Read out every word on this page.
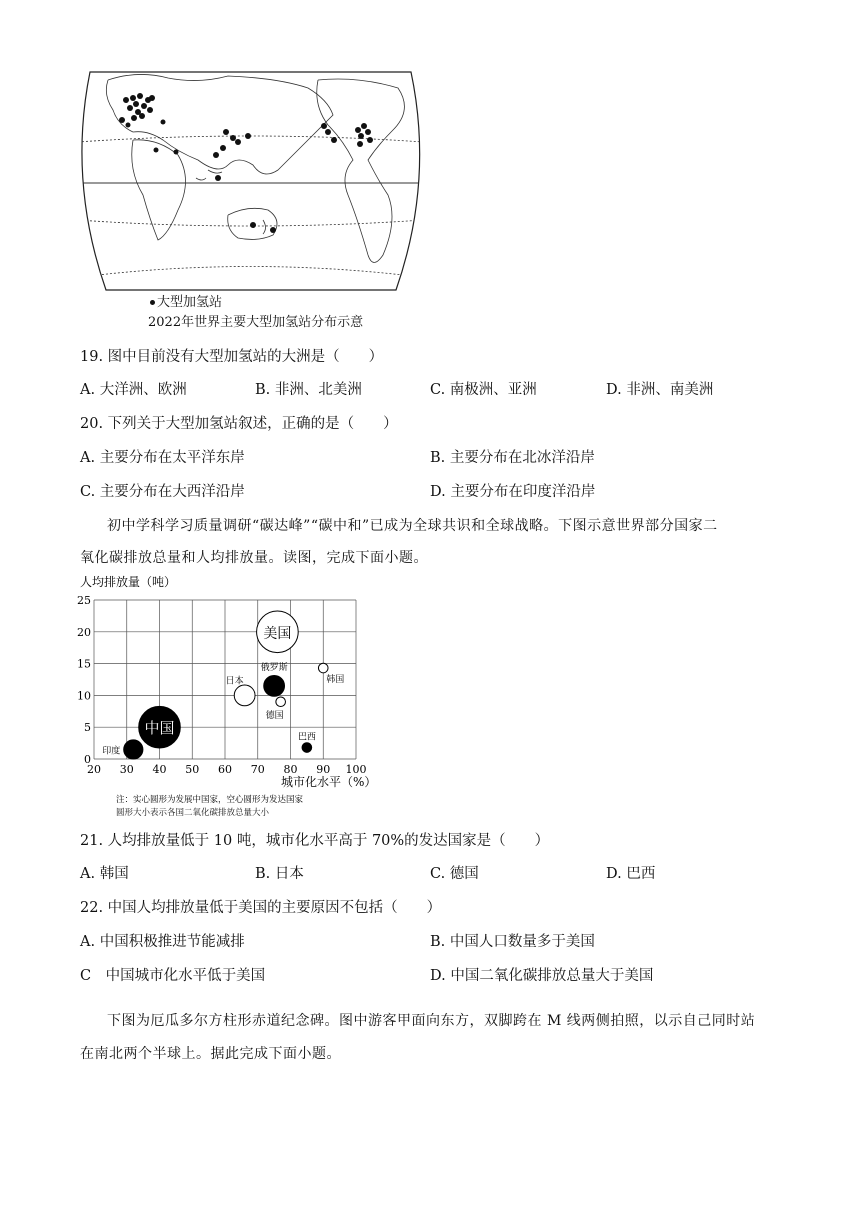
大型加氢站
2022年世界主要大型加氢站分布示意
19. 图中目前没有大型加氢站的大洲是（　　）
A. 大洋洲、欧洲	B. 非洲、北美洲	C. 南极洲、亚洲	D. 非洲、南美洲
20. 下列关于大型加氢站叙述，正确的是（　　）
A. 主要分布在太平洋东岸	B. 主要分布在北冰洋沿岸
C. 主要分布在大西洋沿岸	D. 主要分布在印度洋沿岸
初中学科学习质量调研“碳达峰”“碳中和”已成为全球共识和全球战略。下图示意世界部分国家二
氧化碳排放总量和人均排放量。读图，完成下面小题。
人均排放量（吨）
20 30 40 50 60 70 80 90 100
0
5
10
15
20
25
中国
印度
俄罗斯
巴西
美国
日本
德国
韩国
城市化水平（%）
注：实心圆形为发展中国家，空心圆形为发达国家
圆形大小表示各国二氧化碳排放总量大小
21. 人均排放量低于 10 吨，城市化水平高于 70%的发达国家是（　　）
A. 韩国	B. 日本	C. 德国	D. 巴西
22. 中国人均排放量低于美国的主要原因不包括（　　）
A. 中国积极推进节能减排	B. 中国人口数量多于美国
C　中国城市化水平低于美国	D. 中国二氧化碳排放总量大于美国
下图为厄瓜多尔方柱形赤道纪念碑。图中游客甲面向东方，双脚跨在 M 线两侧拍照，以示自己同时站
在南北两个半球上。据此完成下面小题。
